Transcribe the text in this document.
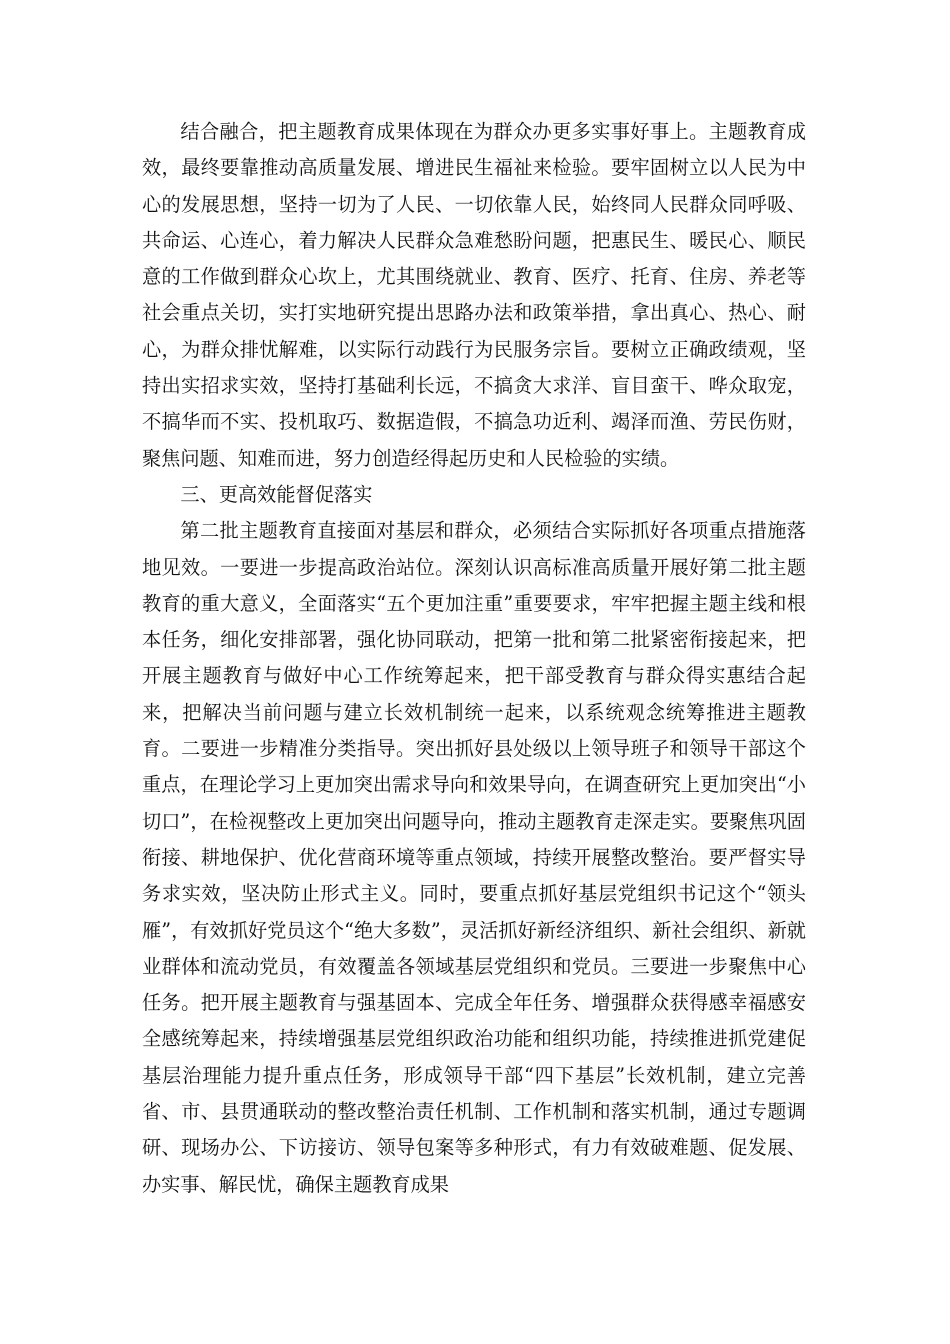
结合融合，把主题教育成果体现在为群众办更多实事好事上。主题教育成效，最终要靠推动高质量发展、增进民生福祉来检验。要牢固树立以人民为中心的发展思想，坚持一切为了人民、一切依靠人民，始终同人民群众同呼吸、共命运、心连心，着力解决人民群众急难愁盼问题，把惠民生、暖民心、顺民意的工作做到群众心坎上，尤其围绕就业、教育、医疗、托育、住房、养老等社会重点关切，实打实地研究提出思路办法和政策举措，拿出真心、热心、耐心，为群众排忧解难，以实际行动践行为民服务宗旨。要树立正确政绩观，坚持出实招求实效，坚持打基础利长远，不搞贪大求洋、盲目蛮干、哗众取宠，不搞华而不实、投机取巧、数据造假，不搞急功近利、竭泽而渔、劳民伤财，聚焦问题、知难而进，努力创造经得起历史和人民检验的实绩。

三、更高效能督促落实

第二批主题教育直接面对基层和群众，必须结合实际抓好各项重点措施落地见效。一要进一步提高政治站位。深刻认识高标准高质量开展好第二批主题教育的重大意义，全面落实“五个更加注重”重要要求，牢牢把握主题主线和根本任务，细化安排部署，强化协同联动，把第一批和第二批紧密衔接起来，把开展主题教育与做好中心工作统筹起来，把干部受教育与群众得实惠结合起来，把解决当前问题与建立长效机制统一起来，以系统观念统筹推进主题教育。二要进一步精准分类指导。突出抓好县处级以上领导班子和领导干部这个重点，在理论学习上更加突出需求导向和效果导向，在调查研究上更加突出“小切口”，在检视整改上更加突出问题导向，推动主题教育走深走实。要聚焦巩固衔接、耕地保护、优化营商环境等重点领域，持续开展整改整治。要严督实导务求实效，坚决防止形式主义。同时，要重点抓好基层党组织书记这个“领头雁”，有效抓好党员这个“绝大多数”，灵活抓好新经济组织、新社会组织、新就业群体和流动党员，有效覆盖各领域基层党组织和党员。三要进一步聚焦中心任务。把开展主题教育与强基固本、完成全年任务、增强群众获得感幸福感安全感统筹起来，持续增强基层党组织政治功能和组织功能，持续推进抓党建促基层治理能力提升重点任务，形成领导干部“四下基层”长效机制，建立完善省、市、县贯通联动的整改整治责任机制、工作机制和落实机制，通过专题调研、现场办公、下访接访、领导包案等多种形式，有力有效破难题、促发展、办实事、解民忧，确保主题教育成果
